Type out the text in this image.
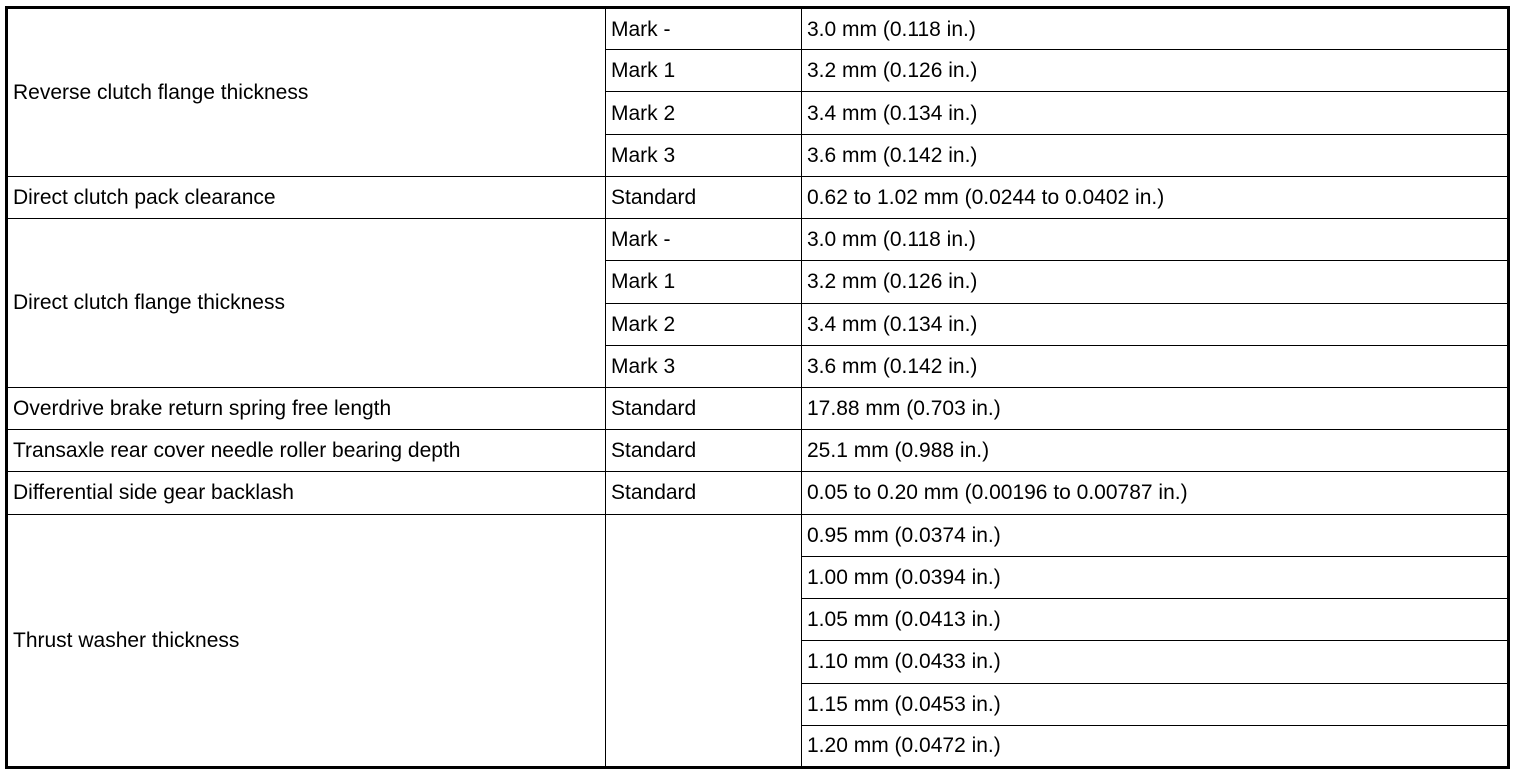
Reverse clutch flange thickness	Mark -	3.0 mm (0.118 in.)
	Mark 1	3.2 mm (0.126 in.)
	Mark 2	3.4 mm (0.134 in.)
	Mark 3	3.6 mm (0.142 in.)
Direct clutch pack clearance	Standard	0.62 to 1.02 mm (0.0244 to 0.0402 in.)
Direct clutch flange thickness	Mark -	3.0 mm (0.118 in.)
	Mark 1	3.2 mm (0.126 in.)
	Mark 2	3.4 mm (0.134 in.)
	Mark 3	3.6 mm (0.142 in.)
Overdrive brake return spring free length	Standard	17.88 mm (0.703 in.)
Transaxle rear cover needle roller bearing depth	Standard	25.1 mm (0.988 in.)
Differential side gear backlash	Standard	0.05 to 0.20 mm (0.00196 to 0.00787 in.)
Thrust washer thickness		0.95 mm (0.0374 in.)
		1.00 mm (0.0394 in.)
		1.05 mm (0.0413 in.)
		1.10 mm (0.0433 in.)
		1.15 mm (0.0453 in.)
		1.20 mm (0.0472 in.)
